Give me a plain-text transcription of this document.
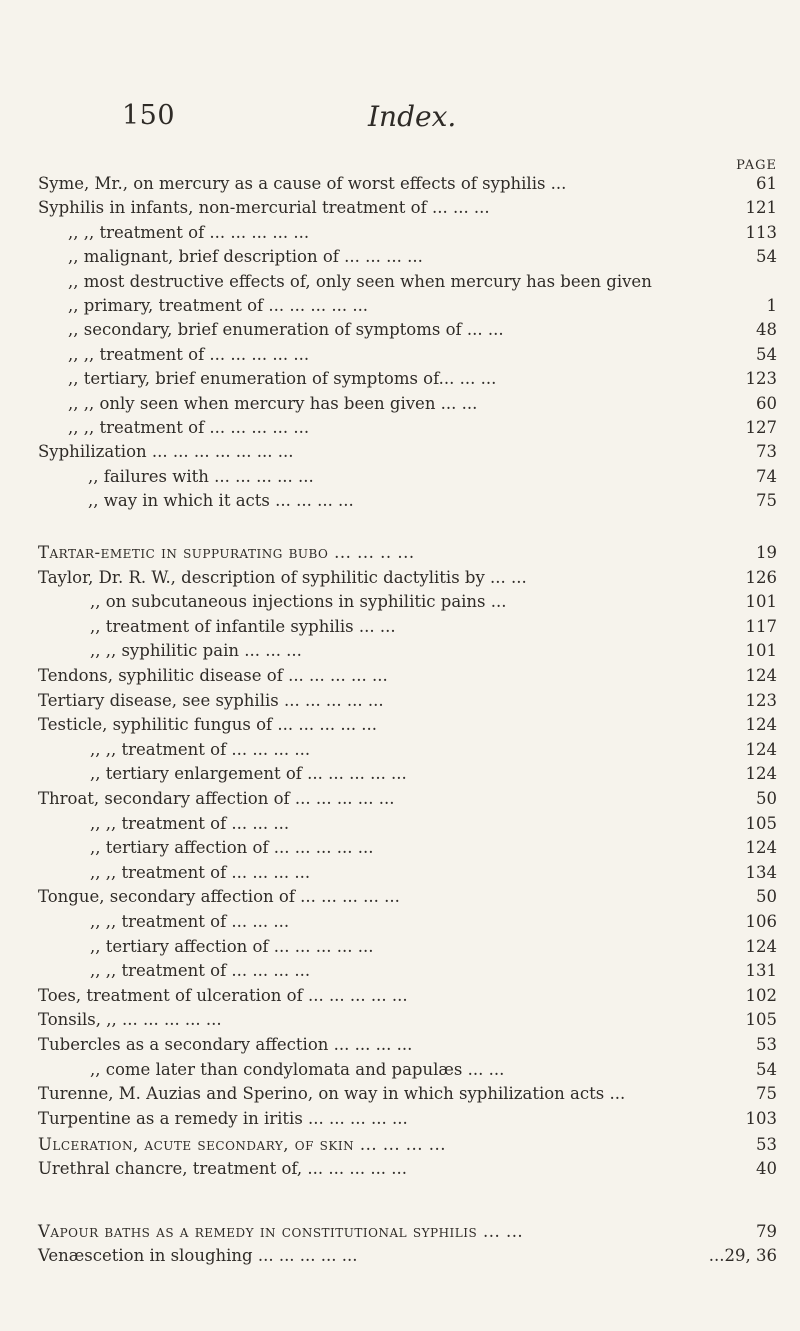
150	Index.
PAGE
Syme, Mr., on mercury as a cause of worst effects of syphilis ...	61
Syphilis in infants, non-mercurial treatment of ... ... ...	121
,, ,, treatment of ... ... ... ... ...	113
,, malignant, brief description of ... ... ... ...	54
,, most destructive effects of, only seen when mercury has been given
,, primary, treatment of ... ... ... ... ...	1
,, secondary, brief enumeration of symptoms of ... ...	48
,, ,, treatment of ... ... ... ... ...	54
,, tertiary, brief enumeration of symptoms of... ... ...	123
,, ,, only seen when mercury has been given ... ...	60
,, ,, treatment of ... ... ... ... ...	127
Syphilization ... ... ... ... ... ... ...	73
,, failures with ... ... ... ... ...	74
,, way in which it acts ... ... ... ...	75
Tartar-emetic in suppurating bubo ... ... .. ...	19
Taylor, Dr. R. W., description of syphilitic dactylitis by ... ...	126
,, on subcutaneous injections in syphilitic pains ...	101
,, treatment of infantile syphilis ... ...	117
,, ,, syphilitic pain ... ... ...	101
Tendons, syphilitic disease of ... ... ... ... ...	124
Tertiary disease, see syphilis ... ... ... ... ...	123
Testicle, syphilitic fungus of ... ... ... ... ...	124
,, ,, treatment of ... ... ... ...	124
,, tertiary enlargement of ... ... ... ... ...	124
Throat, secondary affection of ... ... ... ... ...	50
,, ,, treatment of ... ... ...	105
,, tertiary affection of ... ... ... ... ...	124
,, ,, treatment of ... ... ... ...	134
Tongue, secondary affection of ... ... ... ... ...	50
,, ,, treatment of ... ... ...	106
,, tertiary affection of ... ... ... ... ...	124
,, ,, treatment of ... ... ... ...	131
Toes, treatment of ulceration of ... ... ... ... ...	102
Tonsils, ,, ... ... ... ... ...	105
Tubercles as a secondary affection ... ... ... ...	53
,, come later than condylomata and papulæs ... ...	54
Turenne, M. Auzias and Sperino, on way in which syphilization acts ...	75
Turpentine as a remedy in iritis ... ... ... ... ...	103
Ulceration, acute secondary, of skin ... ... ... ...	53
Urethral chancre, treatment of, ... ... ... ... ...	40
Vapour baths as a remedy in constitutional syphilis ... ...	79
Venæscetion in sloughing ... ... ... ... ...	...29, 36
